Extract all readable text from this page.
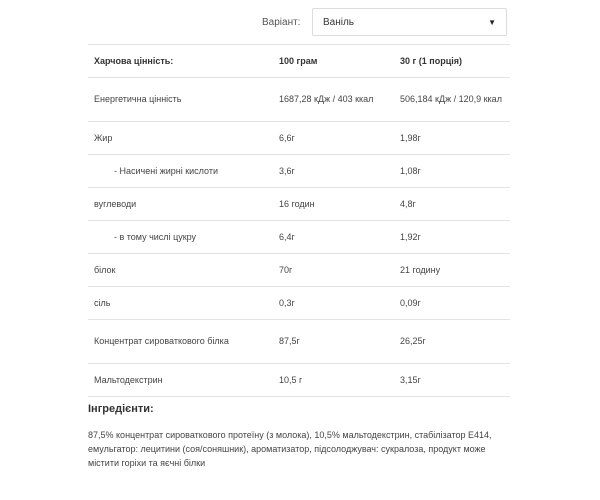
Варіант:	Ваніль	▼
Харчова цінність:	100 грам	30 г (1 порція)
Енергетична цінність	1687,28 кДж / 403 ккал	506,184 кДж / 120,9 ккал
Жир	6,6г	1,98г
- Насичені жирні кислоти	3,6г	1,08г
вуглеводи	16 годин	4,8г
- в тому числі цукру	6,4г	1,92г
білок	70г	21 годину
сіль	0,3г	0,09г
Концентрат сироваткового білка	87,5г	26,25г
Мальтодекстрин	10,5 г	3,15г
Інгредієнти:
87,5% концентрат сироваткового протеїну (з молока), 10,5% мальтодекстрин, стабілізатор E414, емульгатор: лецитини (соя/соняшник), ароматизатор, підсолоджувач: сукралоза, продукт може містити горіхи та яєчні білки
